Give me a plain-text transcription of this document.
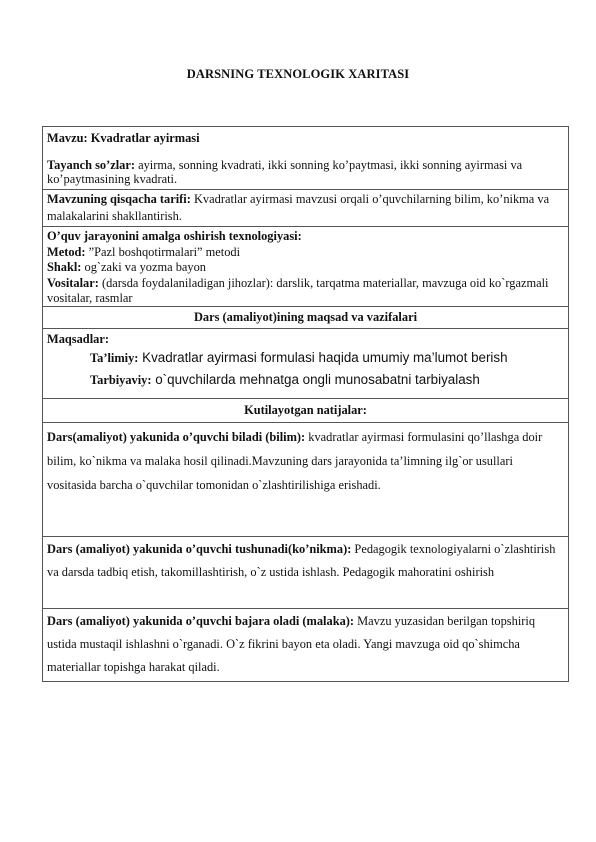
DARSNING TEXNOLOGIK XARITASI

Mavzu: Kvadratlar ayirmasi

Tayanch so’zlar: ayirma, sonning kvadrati, ikki sonning ko’paytmasi, ikki sonning ayirmasi va ko’paytmasining kvadrati.

Mavzuning qisqacha tarifi: Kvadratlar ayirmasi mavzusi orqali o’quvchilarning bilim, ko’nikma va malakalarini shakllantirish.

O’quv jarayonini amalga oshirish texnologiyasi:

Metod: ”Pazl boshqotirmalari” metodi

Shakl: og`zaki va yozma bayon

Vositalar: (darsda foydalaniladigan jihozlar): darslik, tarqatma materiallar, mavzuga oid ko`rgazmali vositalar, rasmlar

Dars (amaliyot)ining maqsad va vazifalari

Maqsadlar:

Ta’limiy: Kvadratlar ayirmasi formulasi haqida umumiy ma’lumot berish

Tarbiyaviy: o`quvchilarda mehnatga ongli munosabatni tarbiyalash

Kutilayotgan natijalar:

Dars(amaliyot) yakunida o’quvchi biladi (bilim): kvadratlar ayirmasi formulasini qo’llashga doir bilim, ko`nikma va malaka hosil qilinadi.Mavzuning dars jarayonida ta’limning ilg`or usullari vositasida barcha o`quvchilar tomonidan o`zlashtirilishiga erishadi.

Dars (amaliyot) yakunida o’quvchi tushunadi(ko’nikma): Pedagogik texnologiyalarni o`zlashtirish va darsda tadbiq etish, takomillashtirish, o`z ustida ishlash. Pedagogik mahoratini oshirish

Dars (amaliyot) yakunida o’quvchi bajara oladi (malaka): Mavzu yuzasidan berilgan topshiriq ustida mustaqil ishlashni o`rganadi. O`z fikrini bayon eta oladi. Yangi mavzuga oid qo`shimcha materiallar topishga harakat qiladi.
